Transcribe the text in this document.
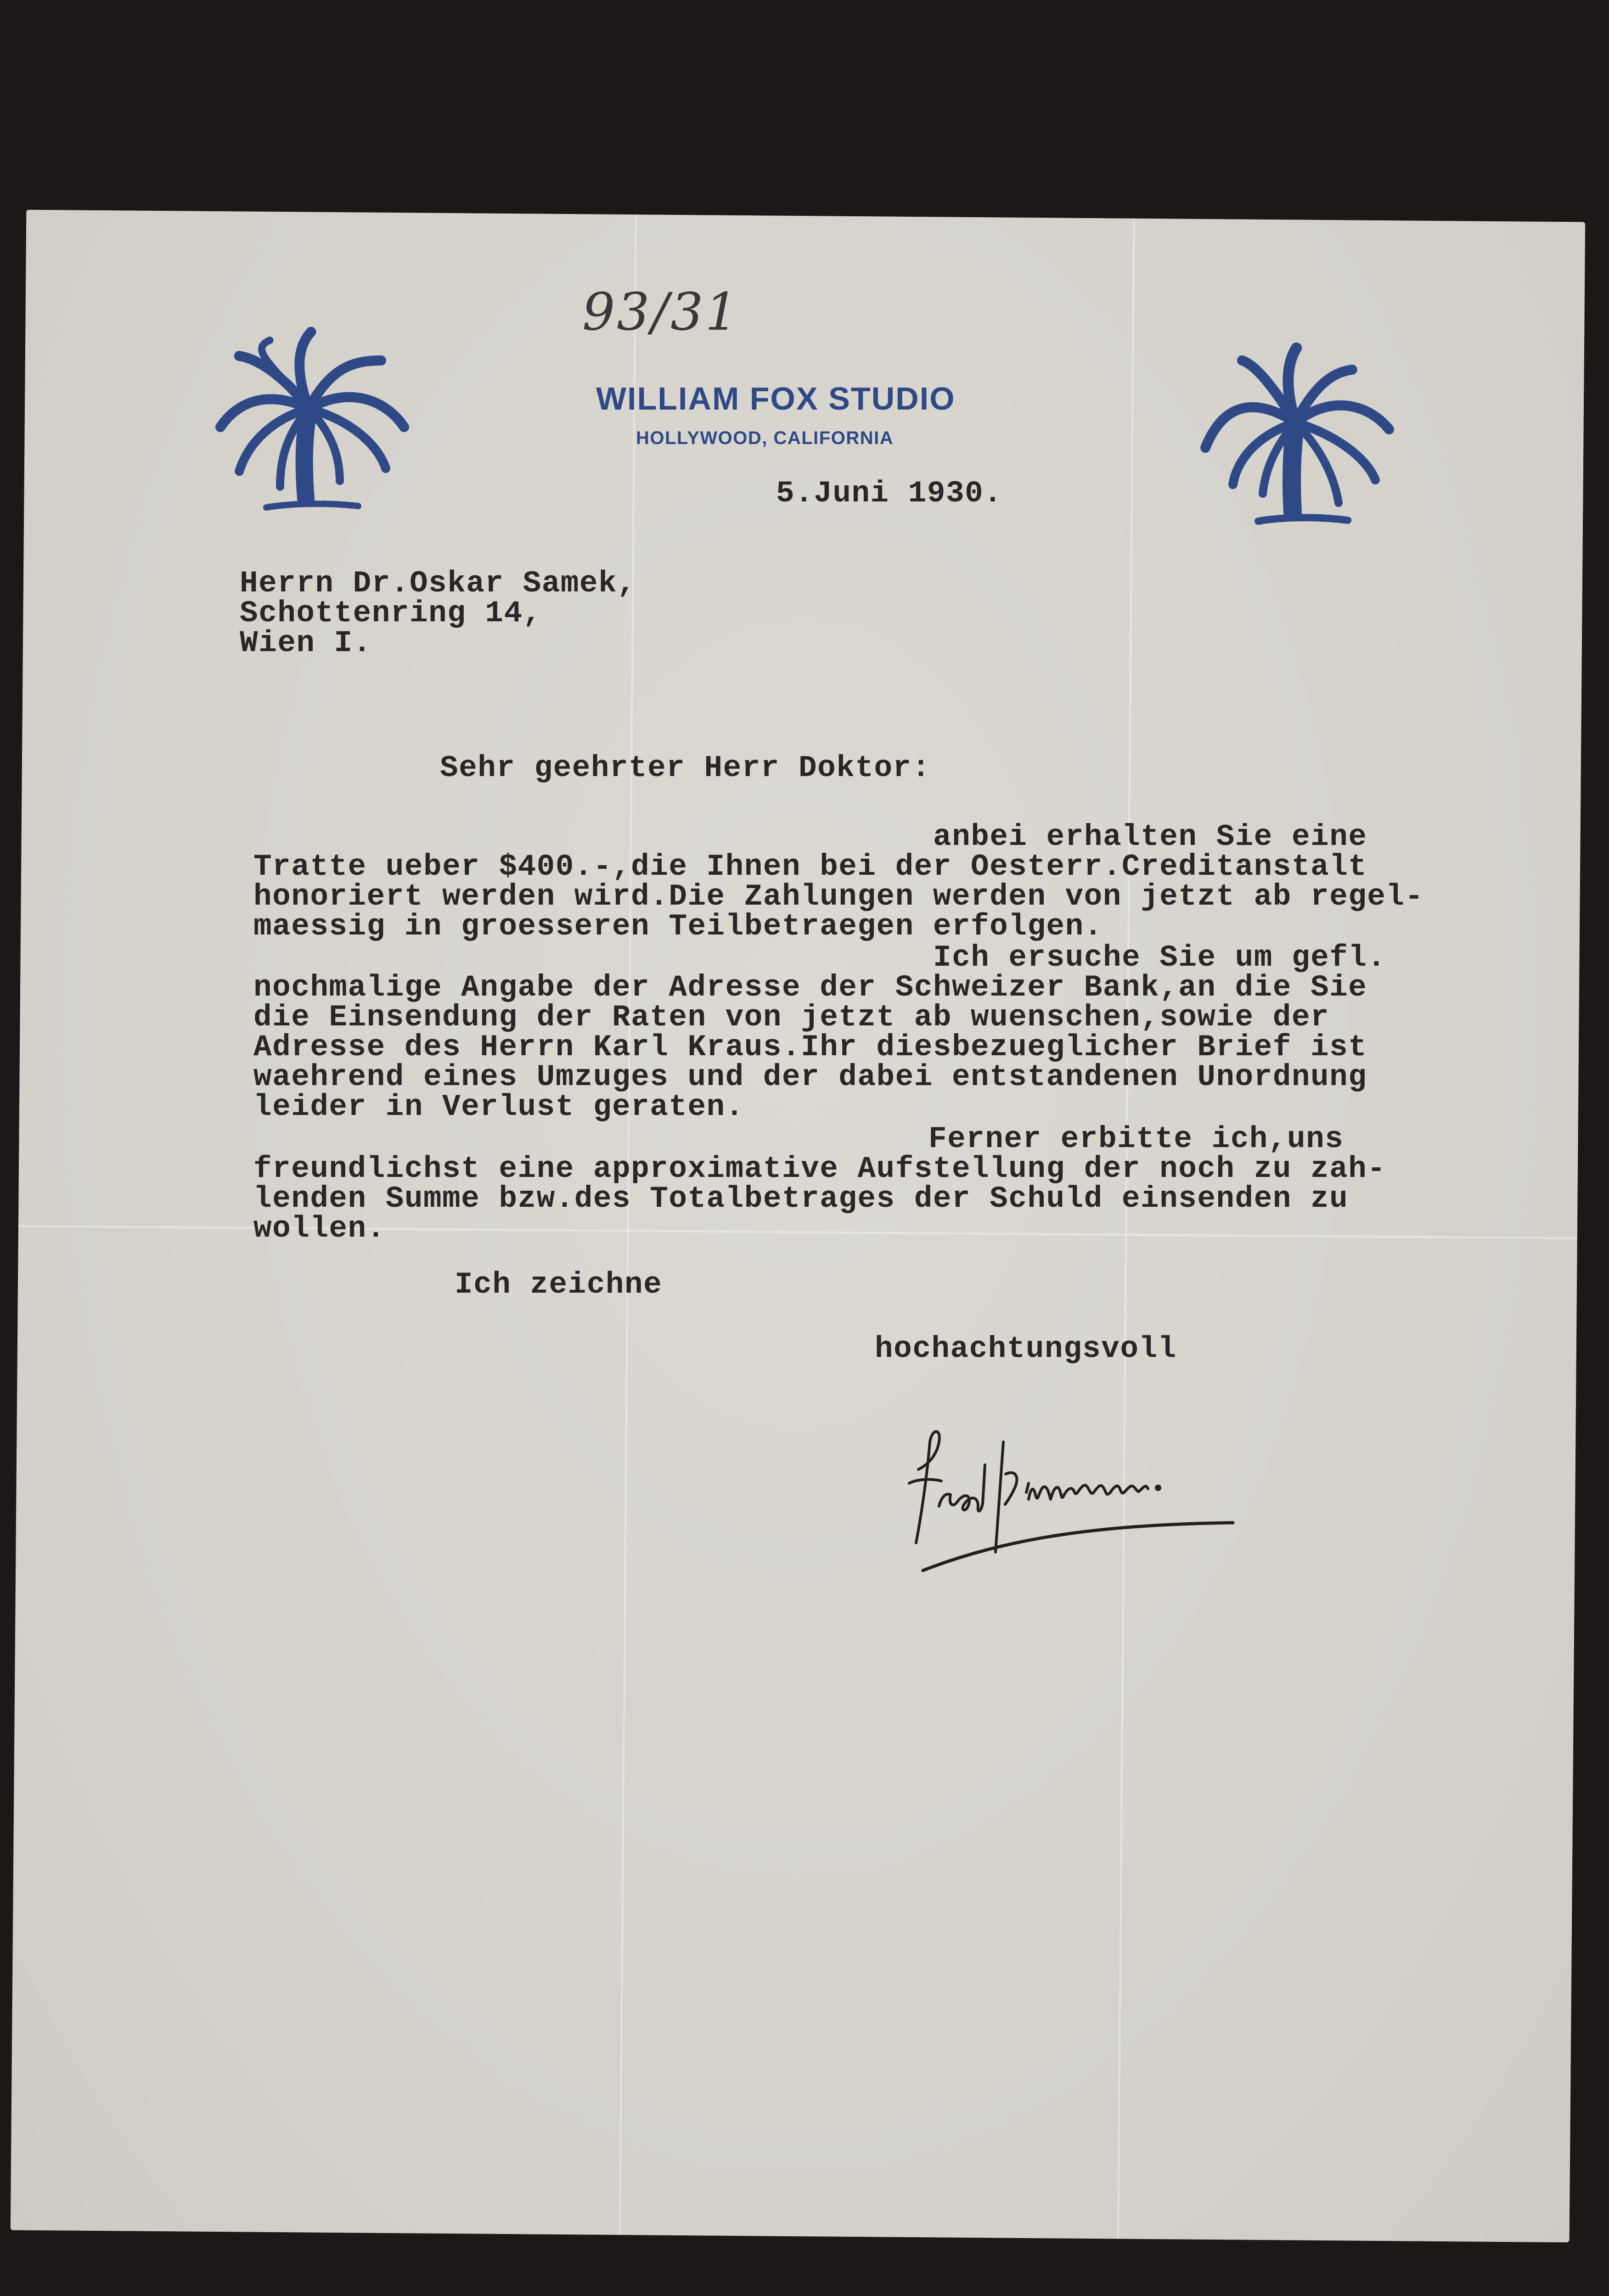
93/31
WILLIAM FOX STUDIO
HOLLYWOOD, CALIFORNIA
5.Juni 1930.
Herrn Dr.Oskar Samek,
Schottenring 14,
Wien I.
Sehr geehrter Herr Doktor:
anbei erhalten Sie eine
Tratte ueber $400.-,die Ihnen bei der Oesterr.Creditanstalt
honoriert werden wird.Die Zahlungen werden von jetzt ab regel-
maessig in groesseren Teilbetraegen erfolgen.
Ich ersuche Sie um gefl.
nochmalige Angabe der Adresse der Schweizer Bank,an die Sie
die Einsendung der Raten von jetzt ab wuenschen,sowie der
Adresse des Herrn Karl Kraus.Ihr diesbezueglicher Brief ist
waehrend eines Umzuges und der dabei entstandenen Unordnung
leider in Verlust geraten.
Ferner erbitte ich,uns
freundlichst eine approximative Aufstellung der noch zu zah-
lenden Summe bzw.des Totalbetrages der Schuld einsenden zu
wollen.
Ich zeichne
hochachtungsvoll
